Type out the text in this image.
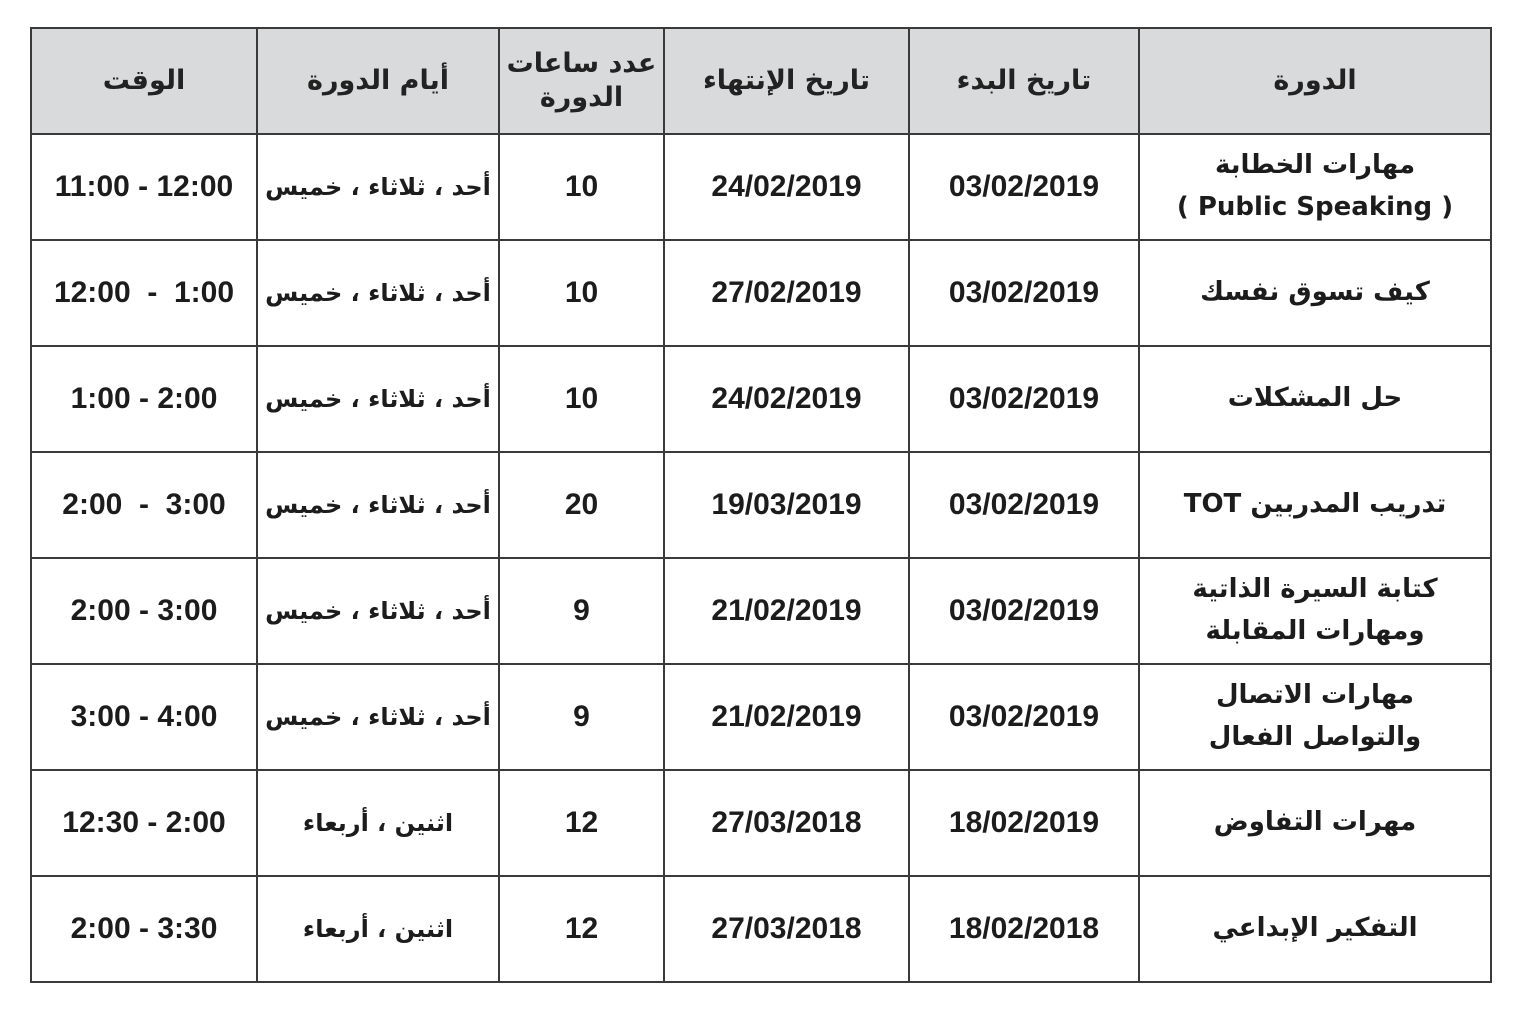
الدورة	تاريخ البدء	تاريخ الإنتهاء	عدد ساعات الدورة	أيام الدورة	الوقت

مهارات الخطابة
( Public Speaking )	03/02/2019	24/02/2019	10	أحد ، ثلاثاء ، خميس	11:00 - 12:00

كيف تسوق نفسك	03/02/2019	27/02/2019	10	أحد ، ثلاثاء ، خميس	12:00  -  1:00

حل المشكلات	03/02/2019	24/02/2019	10	أحد ، ثلاثاء ، خميس	1:00 - 2:00

تدريب المدربين TOT	03/02/2019	19/03/2019	20	أحد ، ثلاثاء ، خميس	2:00  -  3:00

كتابة السيرة الذاتية
ومهارات المقابلة	03/02/2019	21/02/2019	9	أحد ، ثلاثاء ، خميس	2:00 - 3:00

مهارات الاتصال
والتواصل الفعال	03/02/2019	21/02/2019	9	أحد ، ثلاثاء ، خميس	3:00 - 4:00

مهرات التفاوض	18/02/2019	27/03/2018	12	اثنين ، أربعاء	12:30 - 2:00

التفكير الإبداعي	18/02/2018	27/03/2018	12	اثنين ، أربعاء	2:00 - 3:30
